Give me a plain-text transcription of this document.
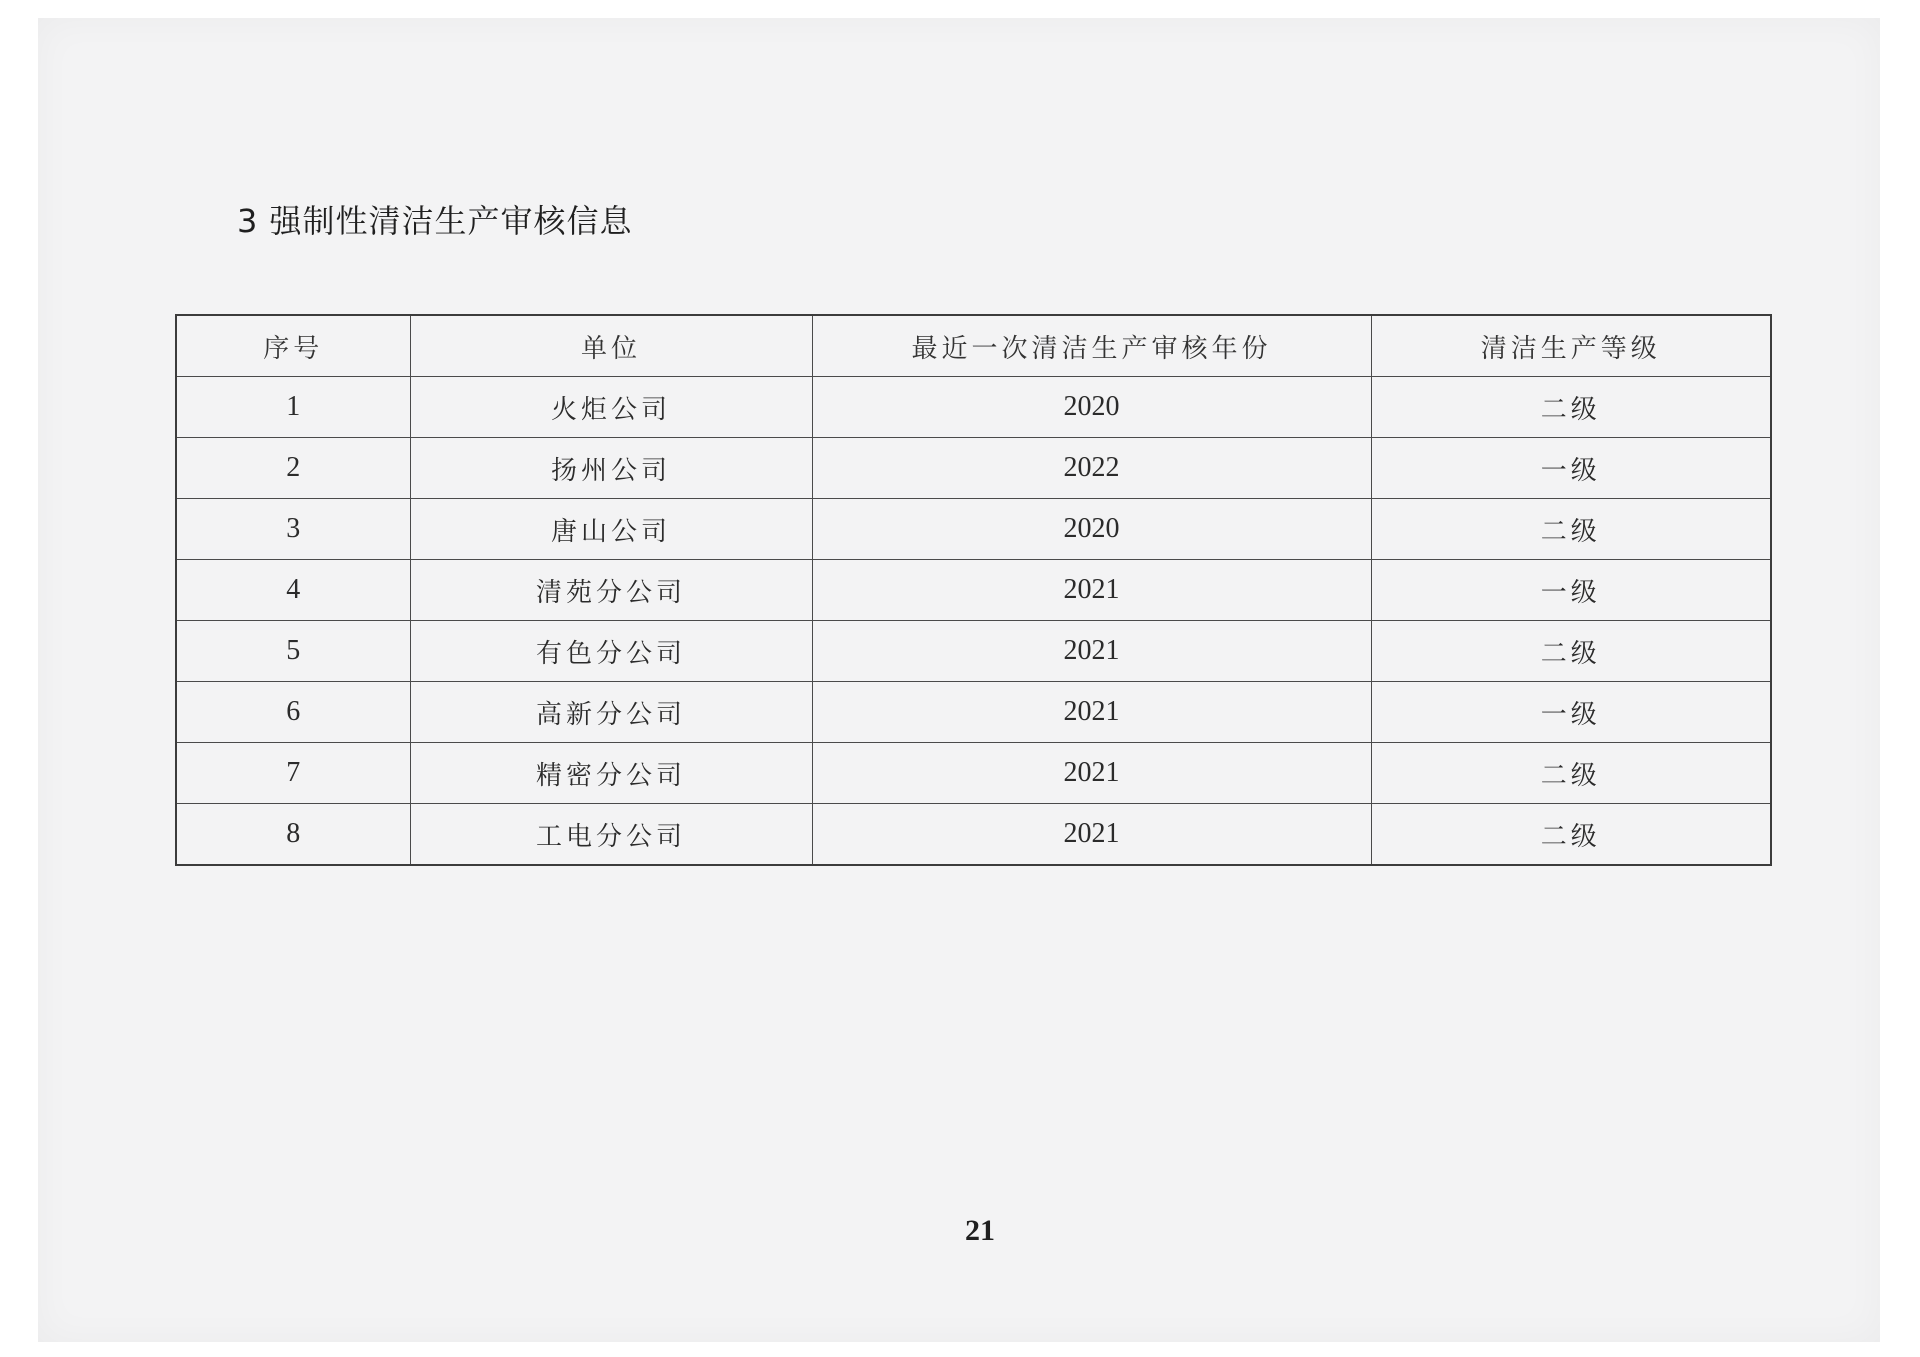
3 强制性清洁生产审核信息
序号	单位	最近一次清洁生产审核年份	清洁生产等级
1	火炬公司	2020	二级
2	扬州公司	2022	一级
3	唐山公司	2020	二级
4	清苑分公司	2021	一级
5	有色分公司	2021	二级
6	高新分公司	2021	一级
7	精密分公司	2021	二级
8	工电分公司	2021	二级
21
